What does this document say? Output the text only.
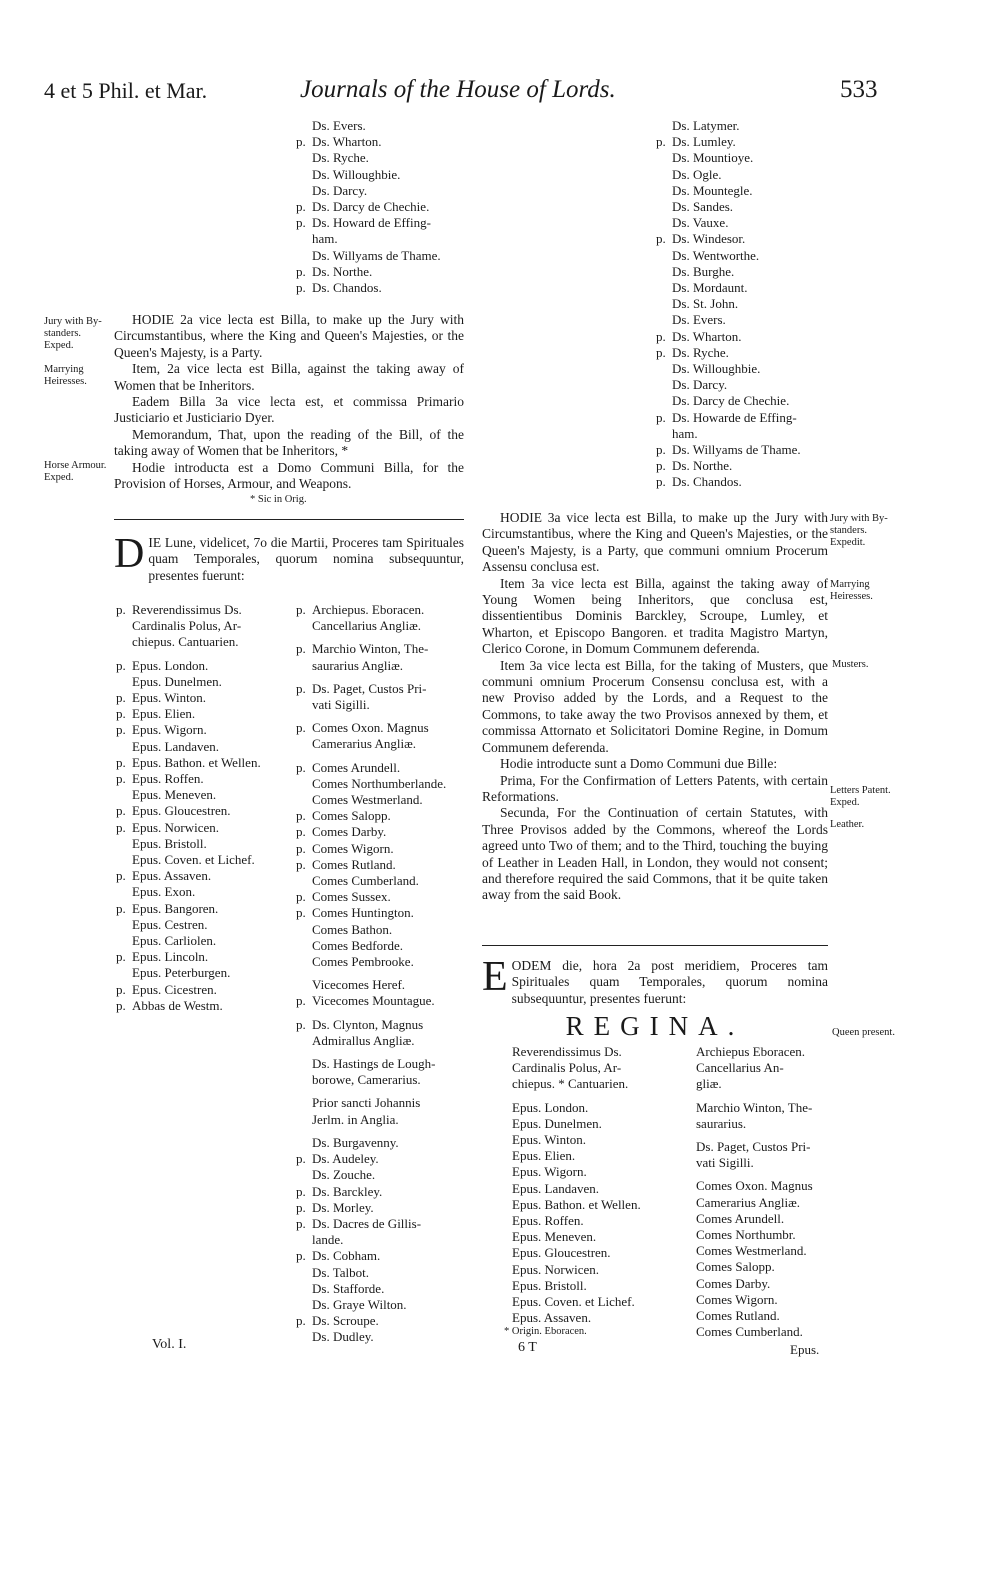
4 et 5 Phil. et Mar.	Journals of the House of Lords.	533
Ds. Evers.
p. Ds. Wharton.
Ds. Ryche.
Ds. Willoughbie.
Ds. Darcy.
p. Ds. Darcy de Chechie.
p. Ds. Howard de Effing-
ham.
Ds. Willyams de Thame.
p. Ds. Northe.
p. Ds. Chandos.
Jury with By-standers. Exped.
Marrying Heiresses.
Horse Armour. Exped.

HODIE 2a vice lecta est Billa, to make up the Jury with Circumstantibus, where the King and Queen's Majesties, or the Queen's Majesty, is a Party.

Item, 2a vice lecta est Billa, against the taking away of Women that be Inheritors.

Eadem Billa 3a vice lecta est, et commissa Primario Justiciario et Justiciario Dyer.

Memorandum, That, upon the reading of the Bill, of the taking away of Women that be Inheritors, *

Hodie introducta est a Domo Communi Billa, for the Provision of Horses, Armour, and Weapons.

* Sic in Orig.
D IE Lune, videlicet, 7o die Martii, Proceres tam Spirituales quam Temporales, quorum nomina subsequuntur, presentes fuerunt:
p. Reverendissimus Ds.
Cardinalis Polus, Ar-
chiepus. Cantuarien.
p. Epus. London.
Epus. Dunelmen.
p. Epus. Winton.
p. Epus. Elien.
p. Epus. Wigorn.
Epus. Landaven.
p. Epus. Bathon. et Wellen.
p. Epus. Roffen.
Epus. Meneven.
p. Epus. Gloucestren.
p. Epus. Norwicen.
Epus. Bristoll.
Epus. Coven. et Lichef.
p. Epus. Assaven.
Epus. Exon.
p. Epus. Bangoren.
Epus. Cestren.
Epus. Carliolen.
p. Epus. Lincoln.
Epus. Peterburgen.
p. Epus. Cicestren.
p. Abbas de Westm.
p. Archiepus. Eboracen.
Cancellarius Angliæ.
p. Marchio Winton, The-
saurarius Angliæ.
p. Ds. Paget, Custos Pri-
vati Sigilli.
p. Comes Oxon. Magnus
Camerarius Angliæ.
p. Comes Arundell.
Comes Northumberlande.
Comes Westmerland.
p. Comes Salopp.
p. Comes Darby.
p. Comes Wigorn.
p. Comes Rutland.
Comes Cumberland.
p. Comes Sussex.
p. Comes Huntington.
Comes Bathon.
Comes Bedforde.
Comes Pembrooke.
Vicecomes Heref.
p. Vicecomes Mountague.
p. Ds. Clynton, Magnus
Admirallus Angliæ.
Ds. Hastings de Lough-
borowe, Camerarius.
Prior sancti Johannis
Jerlm. in Anglia.
Ds. Burgavenny.
p. Ds. Audeley.
Ds. Zouche.
p. Ds. Barckley.
p. Ds. Morley.
p. Ds. Dacres de Gillis-
lande.
p. Ds. Cobham.
Ds. Talbot.
Ds. Stafforde.
Ds. Graye Wilton.
p. Ds. Scroupe.
Ds. Dudley.
Vol. I.
Ds. Latymer.
p. Ds. Lumley.
Ds. Mountioye.
Ds. Ogle.
Ds. Mountegle.
Ds. Sandes.
Ds. Vauxe.
p. Ds. Windesor.
Ds. Wentworthe.
Ds. Burghe.
Ds. Mordaunt.
Ds. St. John.
Ds. Evers.
p. Ds. Wharton.
p. Ds. Ryche.
Ds. Willoughbie.
Ds. Darcy.
Ds. Darcy de Chechie.
p. Ds. Howarde de Effing-
ham.
p. Ds. Willyams de Thame.
p. Ds. Northe.
p. Ds. Chandos.
Jury with By-standers. Expedit.
Marrying Heiresses.
Musters.
Letters Patent. Exped.
Leather.
Queen present.

HODIE 3a vice lecta est Billa, to make up the Jury with Circumstantibus, where the King and Queen's Majesties, or the Queen's Majesty, is a Party, que communi omnium Procerum Assensu conclusa est.

Item 3a vice lecta est Billa, against the taking away of Young Women being Inheritors, que conclusa est, dissentientibus Dominis Barckley, Scroupe, Lumley, et Wharton, et Episcopo Bangoren. et tradita Magistro Martyn, Clerico Corone, in Domum Communem deferenda.

Item 3a vice lecta est Billa, for the taking of Musters, que communi omnium Procerum Consensu conclusa est, with a new Proviso added by the Lords, and a Request to the Commons, to take away the two Provisos annexed by them, et commissa Attornato et Solicitatori Domine Regine, in Domum Communem deferenda.

Hodie introducte sunt a Domo Communi due Bille:

Prima, For the Confirmation of Letters Patents, with certain Reformations.

Secunda, For the Continuation of certain Statutes, with Three Provisos added by the Commons, whereof the Lords agreed unto Two of them; and to the Third, touching the buying of Leather in Leaden Hall, in London, they would not consent; and therefore required the said Commons, that it be quite taken away from the said Book.

E ODEM die, hora 2a post meridiem, Proceres tam Spirituales quam Temporales, quorum nomina subsequuntur, presentes fuerunt:
REGINA.
Reverendissimus Ds.
Cardinalis Polus, Ar-
chiepus. * Cantuarien.
Epus. London.
Epus. Dunelmen.
Epus. Winton.
Epus. Elien.
Epus. Wigorn.
Epus. Landaven.
Epus. Bathon. et Wellen.
Epus. Roffen.
Epus. Meneven.
Epus. Gloucestren.
Epus. Norwicen.
Epus. Bristoll.
Epus. Coven. et Lichef.
Epus. Assaven.
Archiepus Eboracen.
Cancellarius An-
gliæ.
Marchio Winton, The-
saurarius.
Ds. Paget, Custos Pri-
vati Sigilli.
Comes Oxon. Magnus
Camerarius Angliæ.
Comes Arundell.
Comes Northumbr.
Comes Westmerland.
Comes Salopp.
Comes Darby.
Comes Wigorn.
Comes Rutland.
Comes Cumberland.
* Origin. Eboracen.
6 T	Epus.
